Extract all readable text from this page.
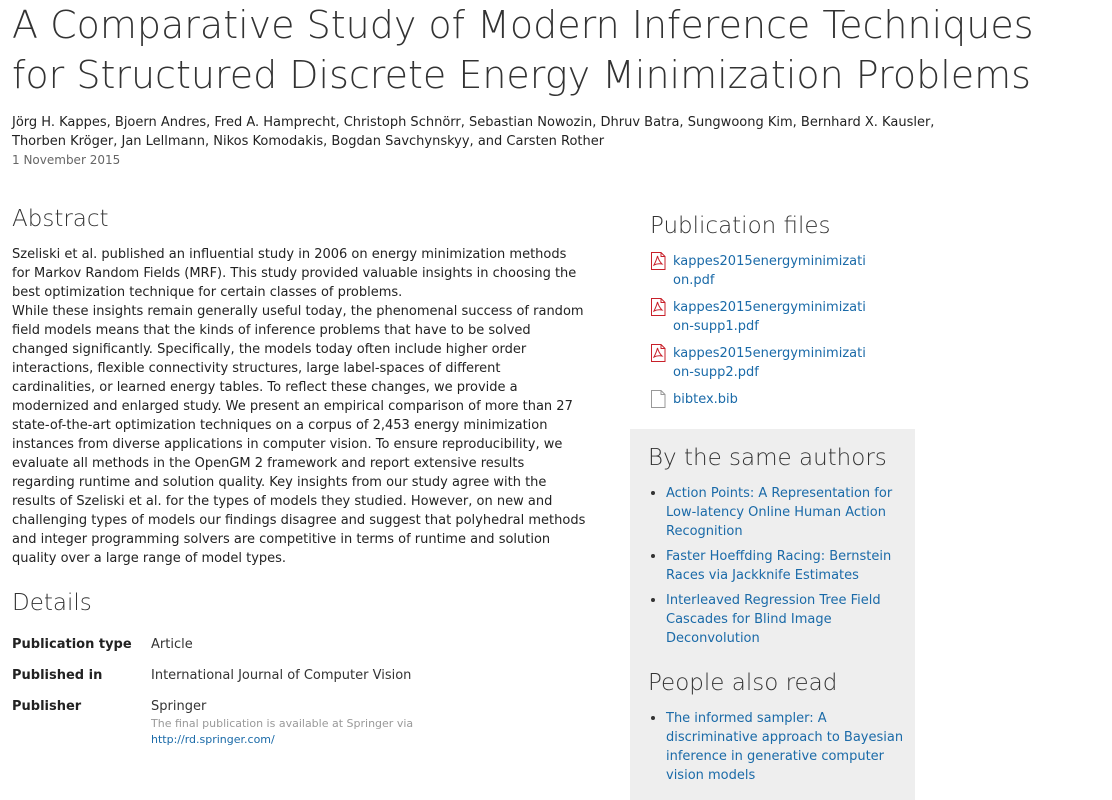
A Comparative Study of Modern Inference Techniques
for Structured Discrete Energy Minimization Problems
Jörg H. Kappes, Bjoern Andres, Fred A. Hamprecht, Christoph Schnörr, Sebastian Nowozin, Dhruv Batra, Sungwoong Kim, Bernhard X. Kausler,
Thorben Kröger, Jan Lellmann, Nikos Komodakis, Bogdan Savchynskyy, and Carsten Rother
1 November 2015
Abstract

Szeliski et al. published an influential study in 2006 on energy minimization methods for Markov Random Fields (MRF). This study provided valuable insights in choosing the best optimization technique for certain classes of problems.

While these insights remain generally useful today, the phenomenal success of random field models means that the kinds of inference problems that have to be solved changed significantly. Specifically, the models today often include higher order interactions, flexible connectivity structures, large label-spaces of different cardinalities, or learned energy tables. To reflect these changes, we provide a modernized and enlarged study. We present an empirical comparison of more than 27 state-of-the-art optimization techniques on a corpus of 2,453 energy minimization instances from diverse applications in computer vision. To ensure reproducibility, we evaluate all methods in the OpenGM 2 framework and report extensive results regarding runtime and solution quality. Key insights from our study agree with the results of Szeliski et al. for the types of models they studied. However, on new and challenging types of models our findings disagree and suggest that polyhedral methods and integer programming solvers are competitive in terms of runtime and solution quality over a large range of model types.

Details
Publication type	Article
Published in	International Journal of Computer Vision
Publisher	Springer
The final publication is available at Springer via
http://rd.springer.com/
Publication files
kappes2015energyminimization.pdf
kappes2015energyminimization-supp1.pdf
kappes2015energyminimization-supp2.pdf
bibtex.bib
By the same authors
Action Points: A Representation for Low-latency Online Human Action Recognition
Faster Hoeffding Racing: Bernstein Races via Jackknife Estimates
Interleaved Regression Tree Field Cascades for Blind Image Deconvolution
People also read
The informed sampler: A discriminative approach to Bayesian inference in generative computer vision models
